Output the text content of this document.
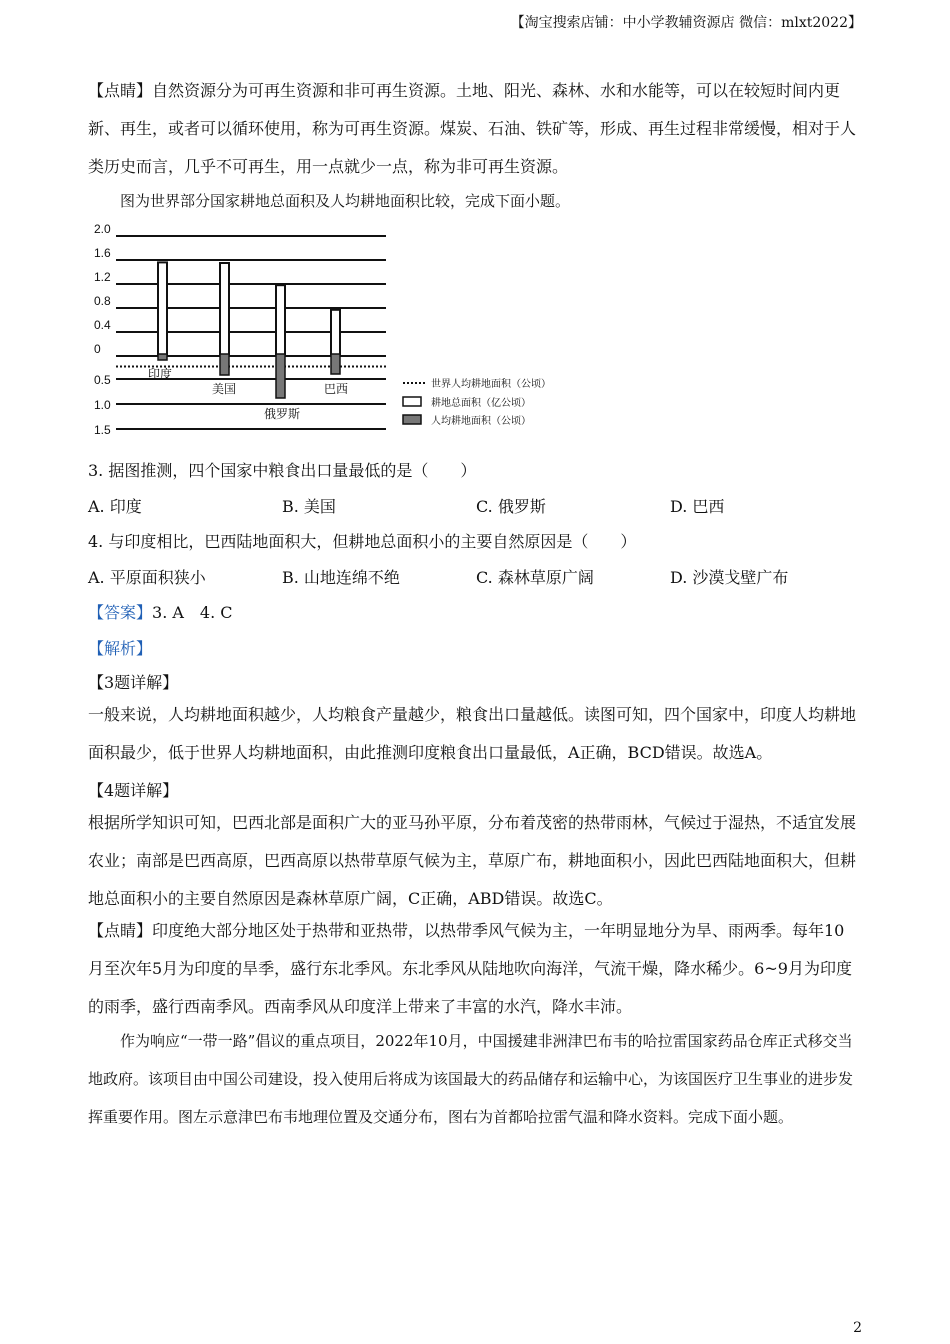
【淘宝搜索店铺：中小学教辅资源店 微信：mlxt2022】

【点睛】自然资源分为可再生资源和非可再生资源。土地、阳光、森林、水和水能等，可以在较短时间内更新、再生，或者可以循环使用，称为可再生资源。煤炭、石油、铁矿等，形成、再生过程非常缓慢，相对于人类历史而言，几乎不可再生，用一点就少一点，称为非可再生资源。

图为世界部分国家耕地总面积及人均耕地面积比较，完成下面小题。
2.0
1.6
1.2
0.8
0.4
0
0.5
1.0
1.5
印度
美国
俄罗斯
巴西	世界人均耕地面积（公顷）
耕地总面积（亿公顷）
人均耕地面积（公顷）
3. 据图推测，四个国家中粮食出口量最低的是（　　）
A. 印度	B. 美国	C. 俄罗斯	D. 巴西
4. 与印度相比，巴西陆地面积大，但耕地总面积小的主要自然原因是（　　）
A. 平原面积狭小	B. 山地连绵不绝	C. 森林草原广阔	D. 沙漠戈壁广布
【答案】3. A　4. C
【解析】
【3题详解】

一般来说，人均耕地面积越少，人均粮食产量越少，粮食出口量越低。读图可知，四个国家中，印度人均耕地面积最少，低于世界人均耕地面积，由此推测印度粮食出口量最低，A正确，BCD错误。故选A。

【4题详解】

根据所学知识可知，巴西北部是面积广大的亚马孙平原，分布着茂密的热带雨林，气候过于湿热，不适宜发展农业；南部是巴西高原，巴西高原以热带草原气候为主，草原广布，耕地面积小，因此巴西陆地面积大，但耕地总面积小的主要自然原因是森林草原广阔，C正确，ABD错误。故选C。

【点睛】印度绝大部分地区处于热带和亚热带，以热带季风气候为主，一年明显地分为旱、雨两季。每年10月至次年5月为印度的旱季，盛行东北季风。东北季风从陆地吹向海洋，气流干燥，降水稀少。6~9月为印度的雨季，盛行西南季风。西南季风从印度洋上带来了丰富的水汽，降水丰沛。

作为响应“一带一路”倡议的重点项目，2022年10月，中国援建非洲津巴布韦的哈拉雷国家药品仓库正式移交当地政府。该项目由中国公司建设，投入使用后将成为该国最大的药品储存和运输中心，为该国医疗卫生事业的进步发挥重要作用。图左示意津巴布韦地理位置及交通分布，图右为首都哈拉雷气温和降水资料。完成下面小题。

2
